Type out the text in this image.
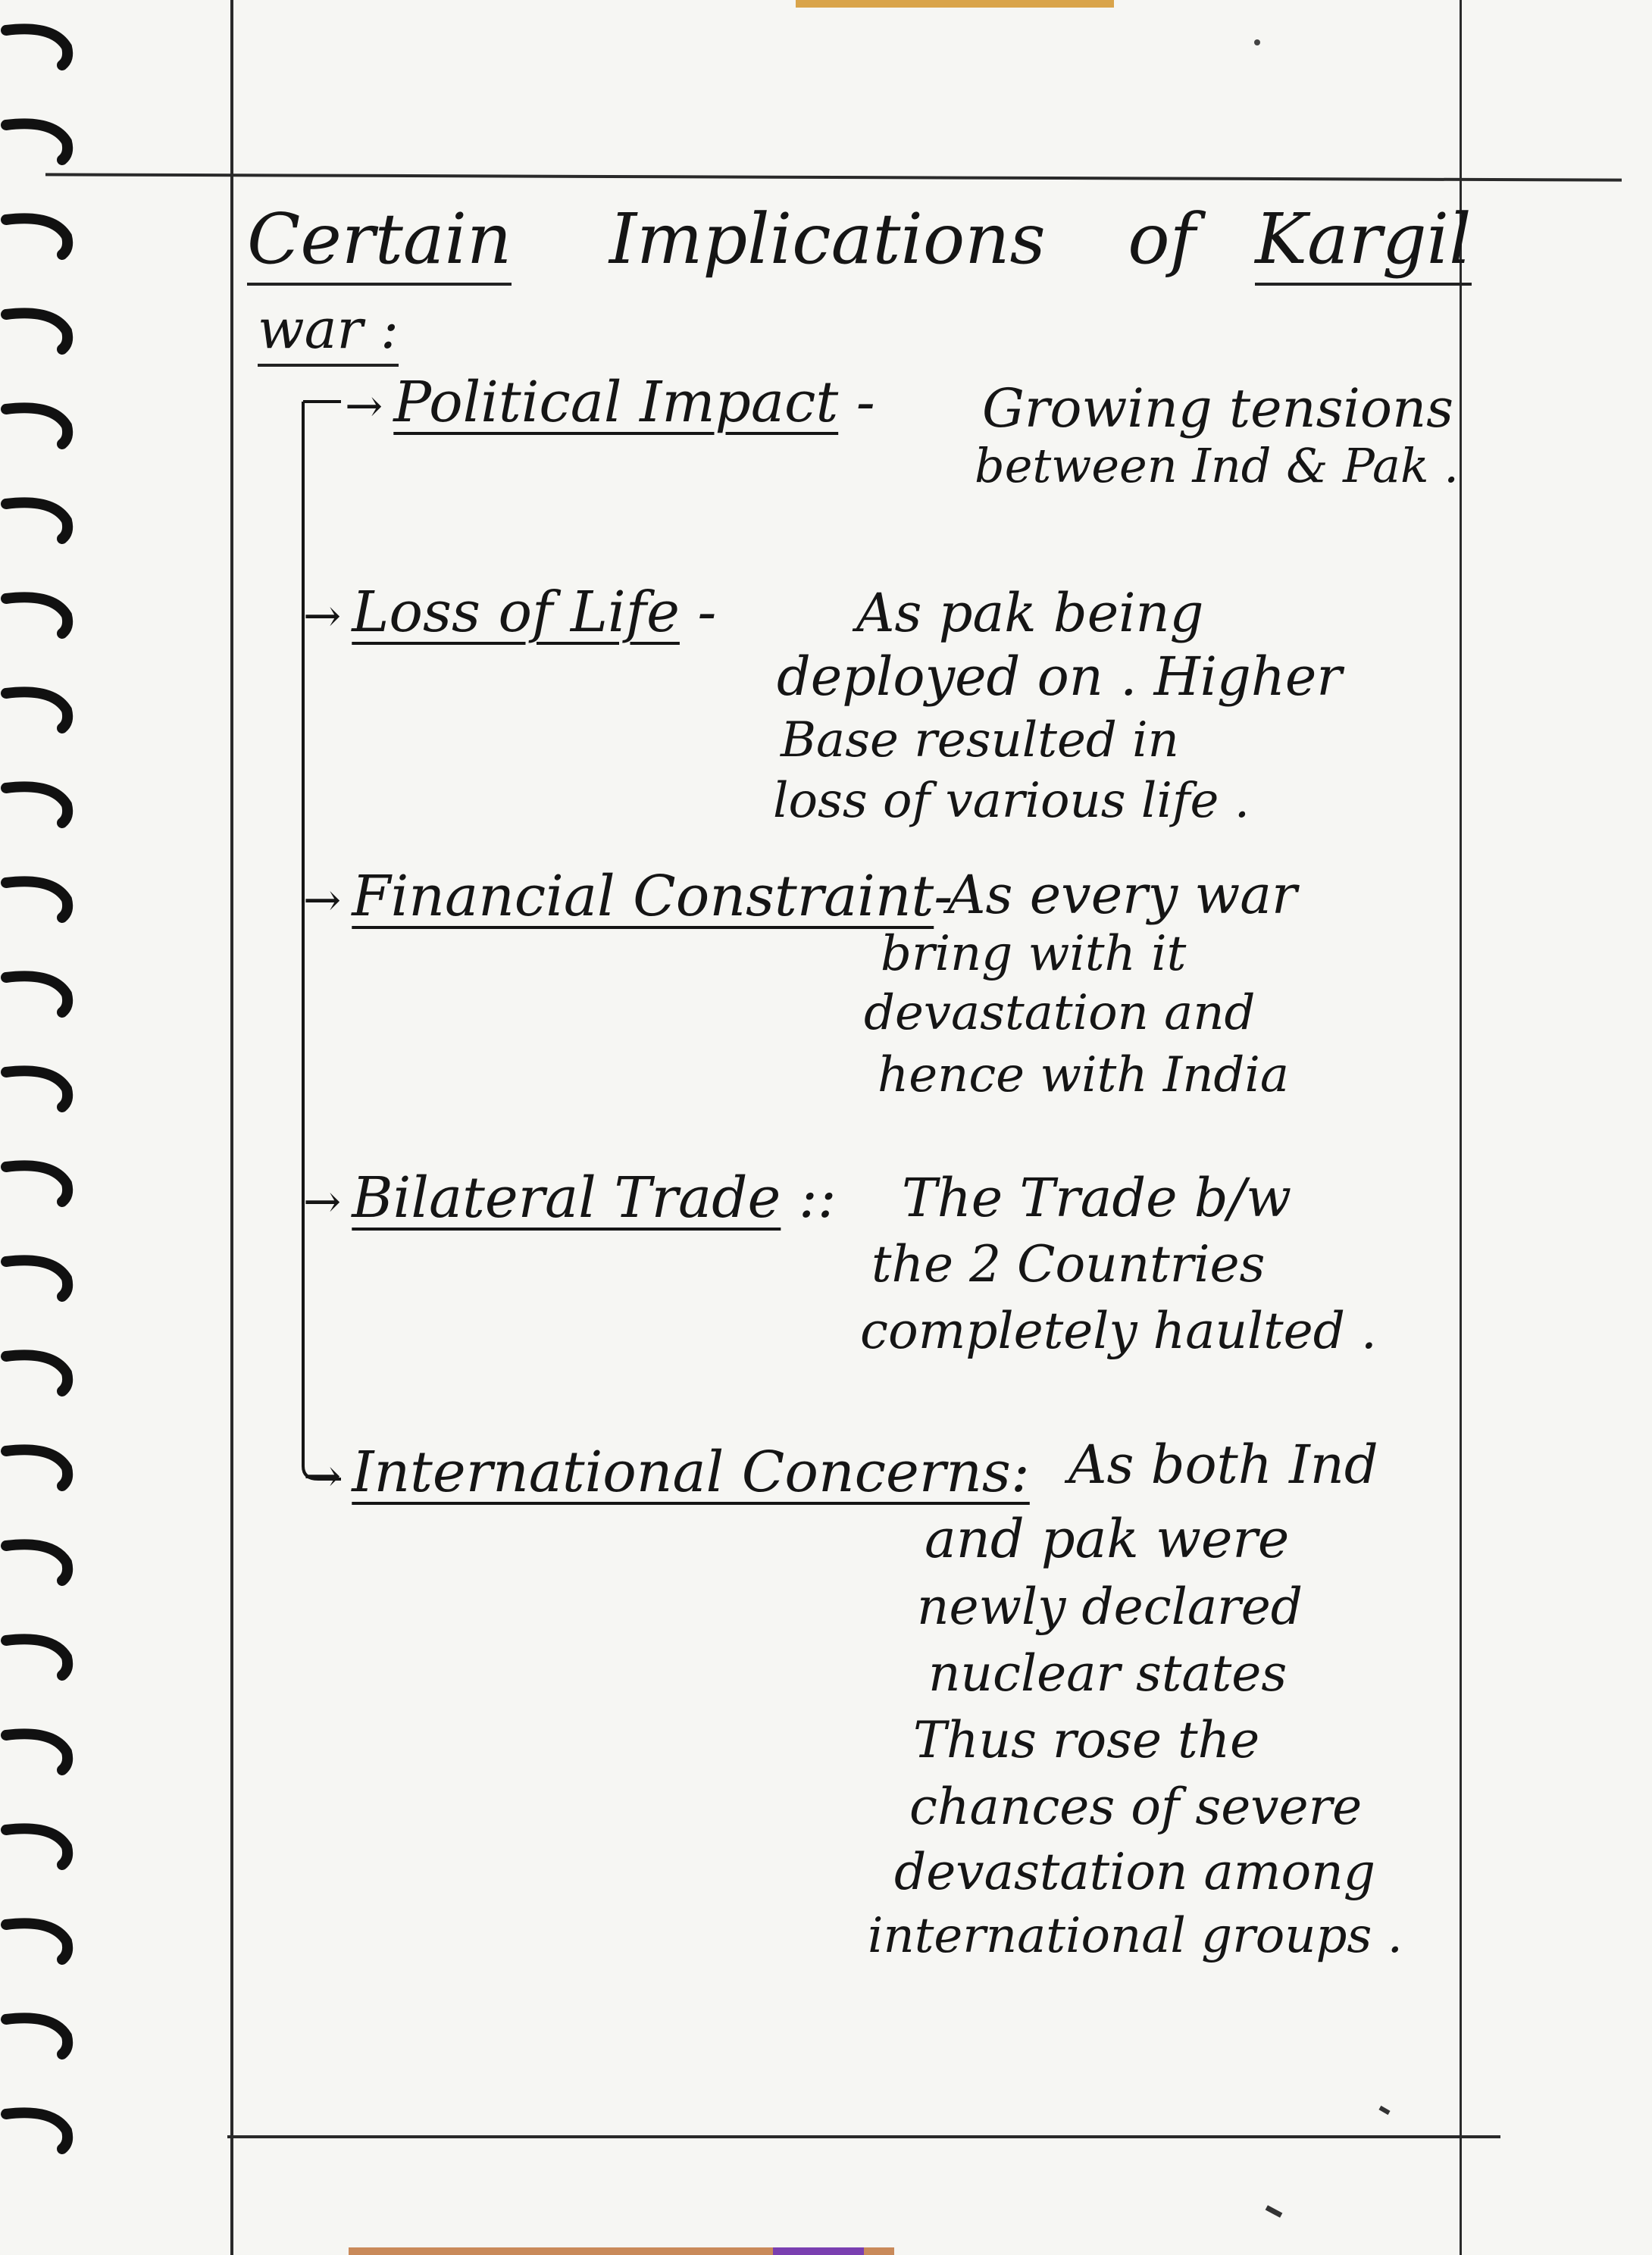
Certain Implications of Kargil
war :
→ Political Impact - Growing tensions
between Ind & Pak .
→ Loss of Life -	As pak being
deployed on . Higher
Base resulted in
loss of various life .
→ Financial Constraint-
As every war
bring with it
devastation and
hence with India
→ Bilateral Trade :: The Trade b/w
the 2 Countries
completely haulted .
→ International Concerns: As both Ind
and pak were
newly declared
nuclear states
Thus rose the
chances of severe
devastation among
international groups .
